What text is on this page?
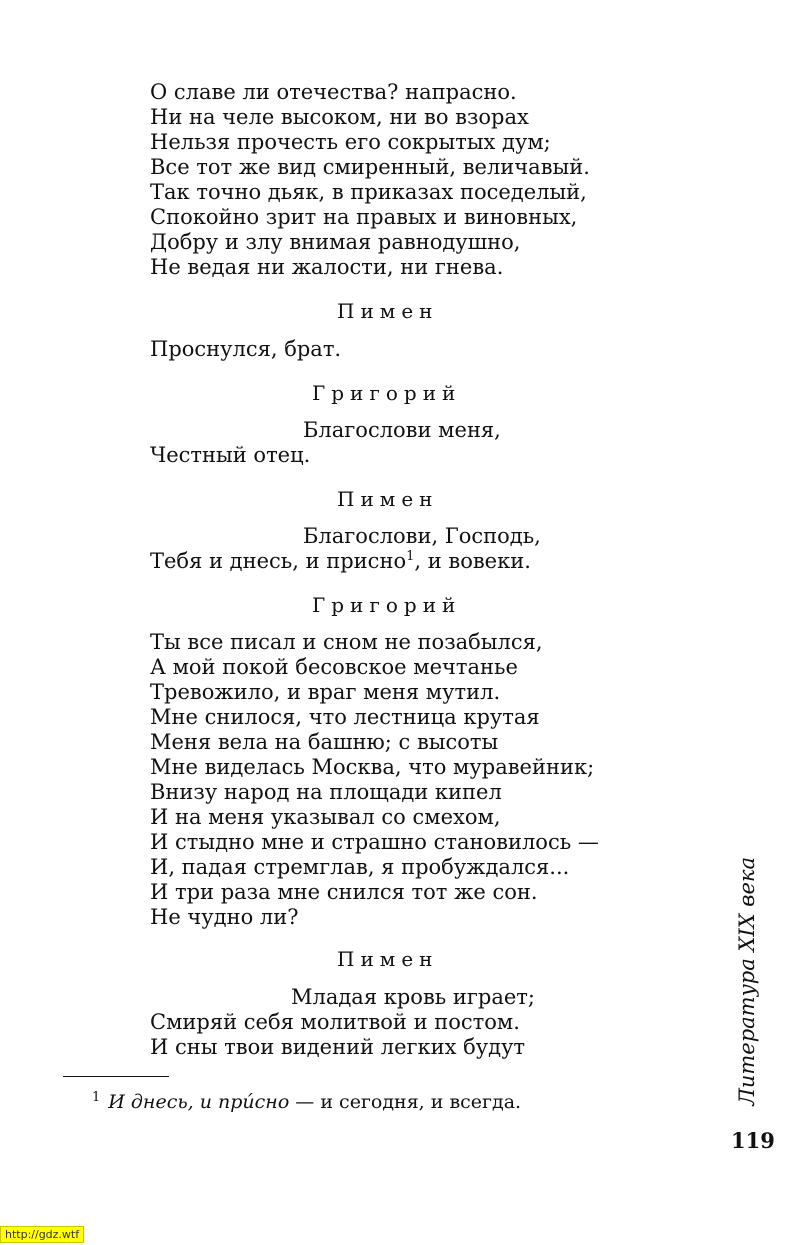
О славе ли отечества? напрасно.
Ни на челе высоком, ни во взорах
Нельзя прочесть его сокрытых дум;
Все тот же вид смиренный, величавый.
Так точно дьяк, в приказах поседелый,
Спокойно зрит на правых и виновных,
Добру и злу внимая равнодушно,
Не ведая ни жалости, ни гнева.
Пимен
Проснулся, брат.
Григорий
Благослови меня,
Честный отец.
Пимен
Благослови, Господь,
Тебя и днесь, и присно$^1$, и вовеки.
Григорий
Ты все писал и сном не позабылся,
А мой покой бесовское мечтанье
Тревожило, и враг меня мутил.
Мне снилося, что лестница крутая
Меня вела на башню; с высоты
Мне виделась Москва, что муравейник;
Внизу народ на площади кипел
И на меня указывал со смехом,
И стыдно мне и страшно становилось —
И, падая стремглав, я пробуждался...
И три раза мне снился тот же сон.
Не чудно ли?
Пимен
Младая кровь играет;
Смиряй себя молитвой и постом.
И сны твои видений легких будут
$^1$ И днесь, и при́сно — и сегодня, и всегда.	Литература XIX века
119
http://gdz.wtf
